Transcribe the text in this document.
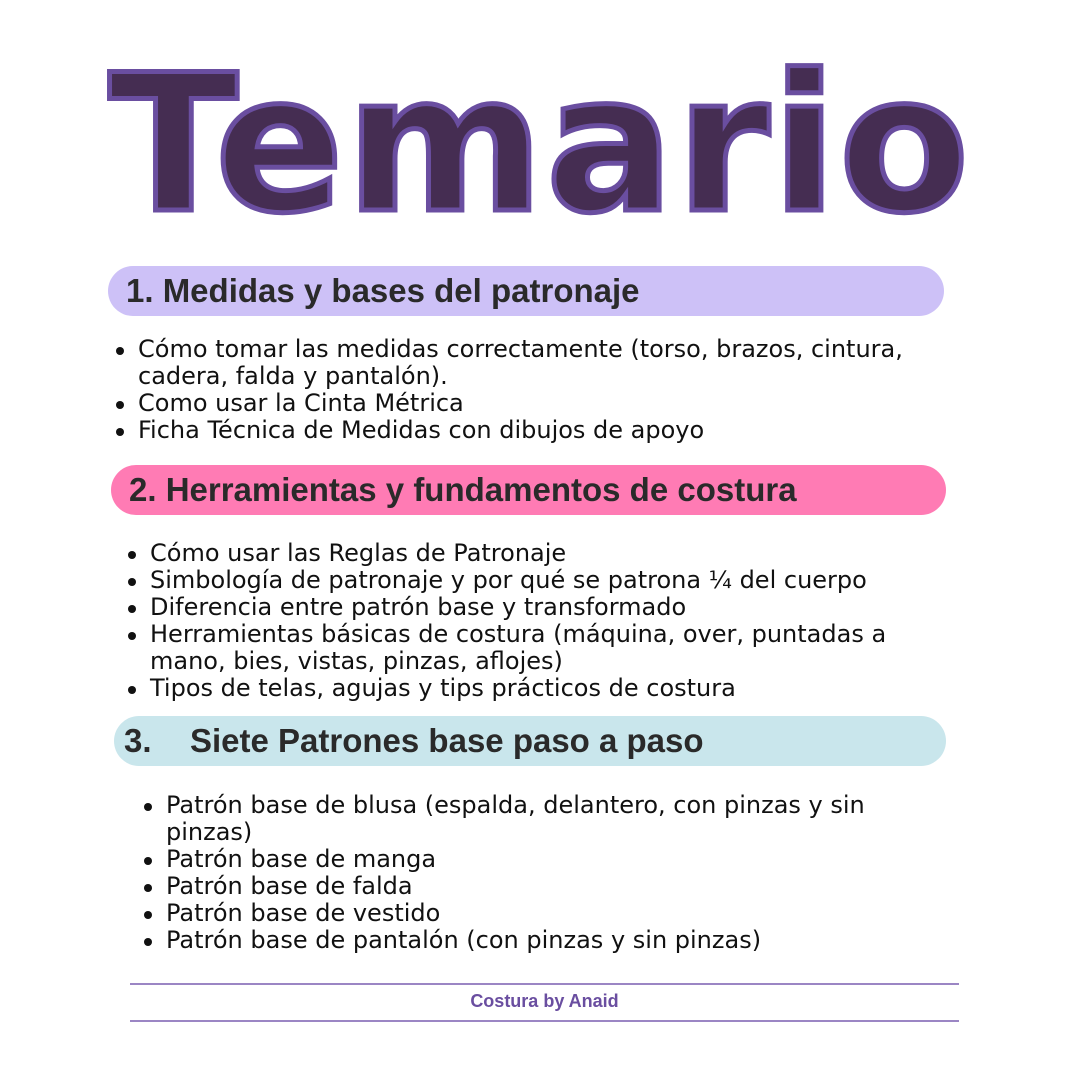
Temario
1. Medidas y bases del patronaje
Cómo tomar las medidas correctamente (torso, brazos, cintura, cadera, falda y pantalón).
Como usar la Cinta Métrica
Ficha Técnica de Medidas con dibujos de apoyo
2. Herramientas y fundamentos de costura
Cómo usar las Reglas de Patronaje
Simbología de patronaje y por qué se patrona ¼ del cuerpo
Diferencia entre patrón base y transformado
Herramientas básicas de costura (máquina, over, puntadas a mano, bies, vistas, pinzas, aflojes)
Tipos de telas, agujas y tips prácticos de costura
3.	Siete Patrones base paso a paso
Patrón base de blusa (espalda, delantero, con pinzas y sin pinzas)
Patrón base de manga
Patrón base de falda
Patrón base de vestido
Patrón base de pantalón (con pinzas y sin pinzas)
Costura by Anaid
